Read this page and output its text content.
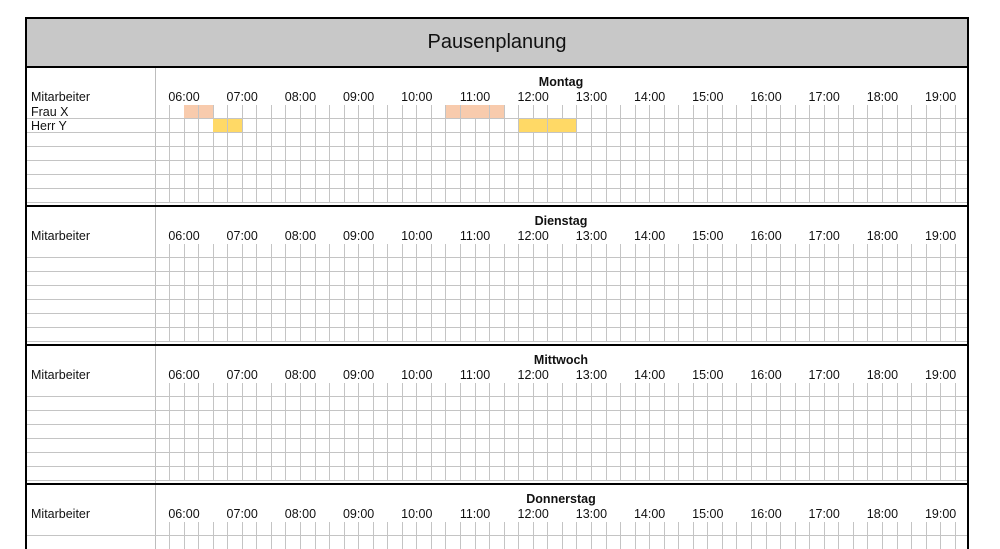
Pausenplanung
Montag
Mitarbeiter	06:00	07:00	08:00	09:00	10:00	11:00	12:00	13:00	14:00	15:00	16:00	17:00	18:00	19:00
Frau X
Herr Y
Dienstag
Mitarbeiter	06:00	07:00	08:00	09:00	10:00	11:00	12:00	13:00	14:00	15:00	16:00	17:00	18:00	19:00
Mittwoch
Mitarbeiter	06:00	07:00	08:00	09:00	10:00	11:00	12:00	13:00	14:00	15:00	16:00	17:00	18:00	19:00
Donnerstag
Mitarbeiter	06:00	07:00	08:00	09:00	10:00	11:00	12:00	13:00	14:00	15:00	16:00	17:00	18:00	19:00
